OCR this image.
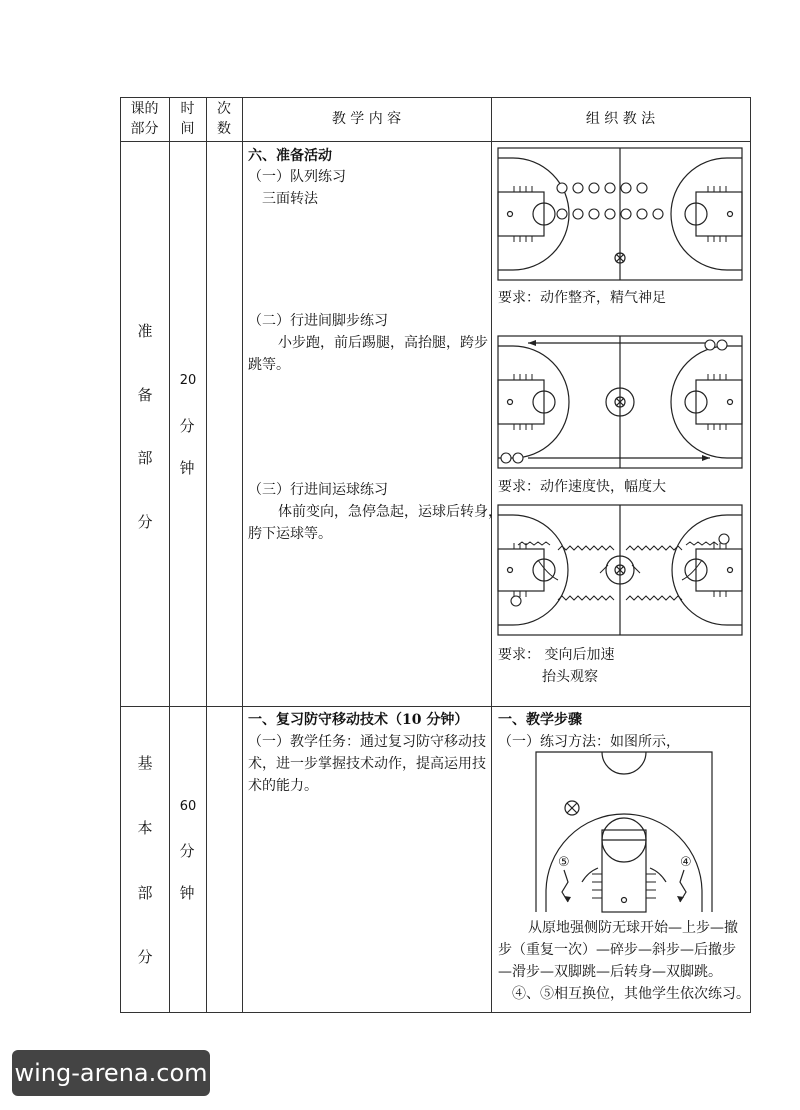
课的
部分
时
间
次
数
教 学 内 容	组 织 教 法
准
备
部
分
20
分
钟
六、准备活动
（一）队列练习
三面转法
（二）行进间脚步练习
小步跑，前后踢腿，高抬腿，跨步
跳等。
（三）行进间运球练习
体前变向，急停急起，运球后转身，
胯下运球等。
要求：动作整齐，精气神足
要求：动作速度快，幅度大
要求： 变向后加速
抬头观察
基
本
部
分
60
分
钟
一、复习防守移动技术（10 分钟）
（一）教学任务：通过复习防守移动技
术，进一步掌握技术动作，提高运用技
术的能力。
一、教学步骤
（一）练习方法：如图所示，
⑤	④
从原地强侧防无球开始—上步—撤
步（重复一次）—碎步—斜步—后撤步
—滑步—双脚跳—后转身—双脚跳。
④、⑤相互换位，其他学生依次练习。
wing-arena.com
